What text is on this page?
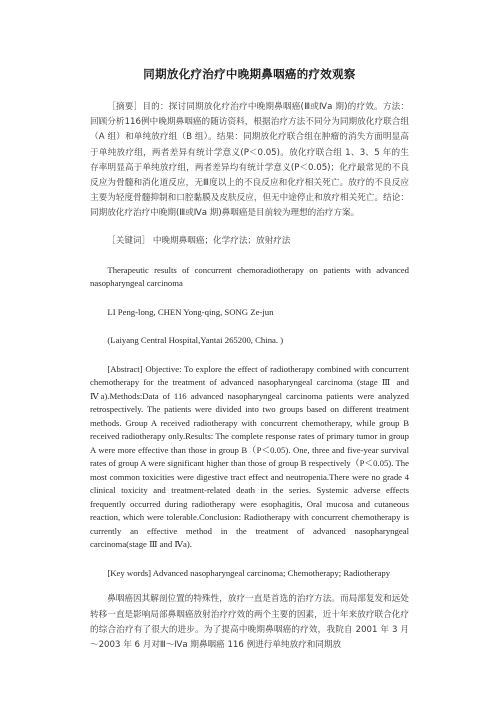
同期放化疗治疗中晚期鼻咽癌的疗效观察

［摘要］目的：探讨同期放化疗治疗中晚期鼻咽癌(Ⅲ或Ⅳa 期)的疗效。方法：回顾分析116例中晚期鼻咽癌的随访资料，根据治疗方法不同分为同期放化疗联合组（A 组）和单纯放疗组（B 组）。结果：同期放化疗联合组在肿瘤的消失方面明显高于单纯放疗组，两者差异有统计学意义(P＜0.05)。放化疗联合组 1、3、5 年的生存率明显高于单纯放疗组，两者差异均有统计学意义(P＜0.05)；化疗最常见的不良反应为骨髓和消化道反应，无Ⅲ度以上的不良反应和化疗相关死亡。放疗的不良反应主要为轻度骨髓抑制和口腔黏膜及皮肤反应，但无中途停止和放疗相关死亡。结论：同期放化疗治疗中晚期(Ⅲ或Ⅳa 期)鼻咽癌是目前较为理想的治疗方案。

［关键词］ 中晚期鼻咽癌；化学疗法；放射疗法

Therapeutic results of concurrent chemoradiotherapy on patients with advanced nasopharyngeal carcinoma

LI Peng-long, CHEN Yong-qing, SONG Ze-jun

(Laiyang Central Hospital,Yantai 265200, China. )

[Abstract] Objective: To explore the effect of radiotherapy combined with concurrent chemotherapy for the treatment of advanced nasopharyngeal carcinoma (stage Ⅲ and Ⅳa).Methods:Data of 116 advanced nasopharyngeal carcinoma patients were analyzed retrospectively. The patients were divided into two groups based on different treatment methods. Group A received radiotherapy with concurrent chemotherapy, while group B received radiotherapy only.Results: The complete response rates of primary tumor in group A were more effective than those in group B（P＜0.05). One, three and five-year survival rates of group A were significant higher than those of group B respectively（P＜0.05). The most common toxicities were digestive tract effect and neutropenia.There were no grade 4 clinical toxicity and treatment-related death in the series. Systemic adverse effects frequently occurred during radiotherapy were esophagitis, Oral mucosa and cutaneous reaction, which were tolerable.Conclusion: Radiotherapy with concurrent chemotherapy is currently an effective method in the treatment of advanced nasopharyngeal carcinoma(stage Ⅲ and Ⅳa).

[Key words] Advanced nasopharyngeal carcinoma; Chemotherapy; Radiotherapy

鼻咽癌因其解剖位置的特殊性，放疗一直是首选的治疗方法。而局部复发和远处转移一直是影响局部鼻咽癌放射治疗疗效的两个主要的因素，近十年来放疗联合化疗的综合治疗有了很大的进步。为了提高中晚期鼻咽癌的疗效，我院自 2001 年 3 月～2003 年 6 月对Ⅲ～Ⅳa 期鼻咽癌 116 例进行单纯放疗和同期放
